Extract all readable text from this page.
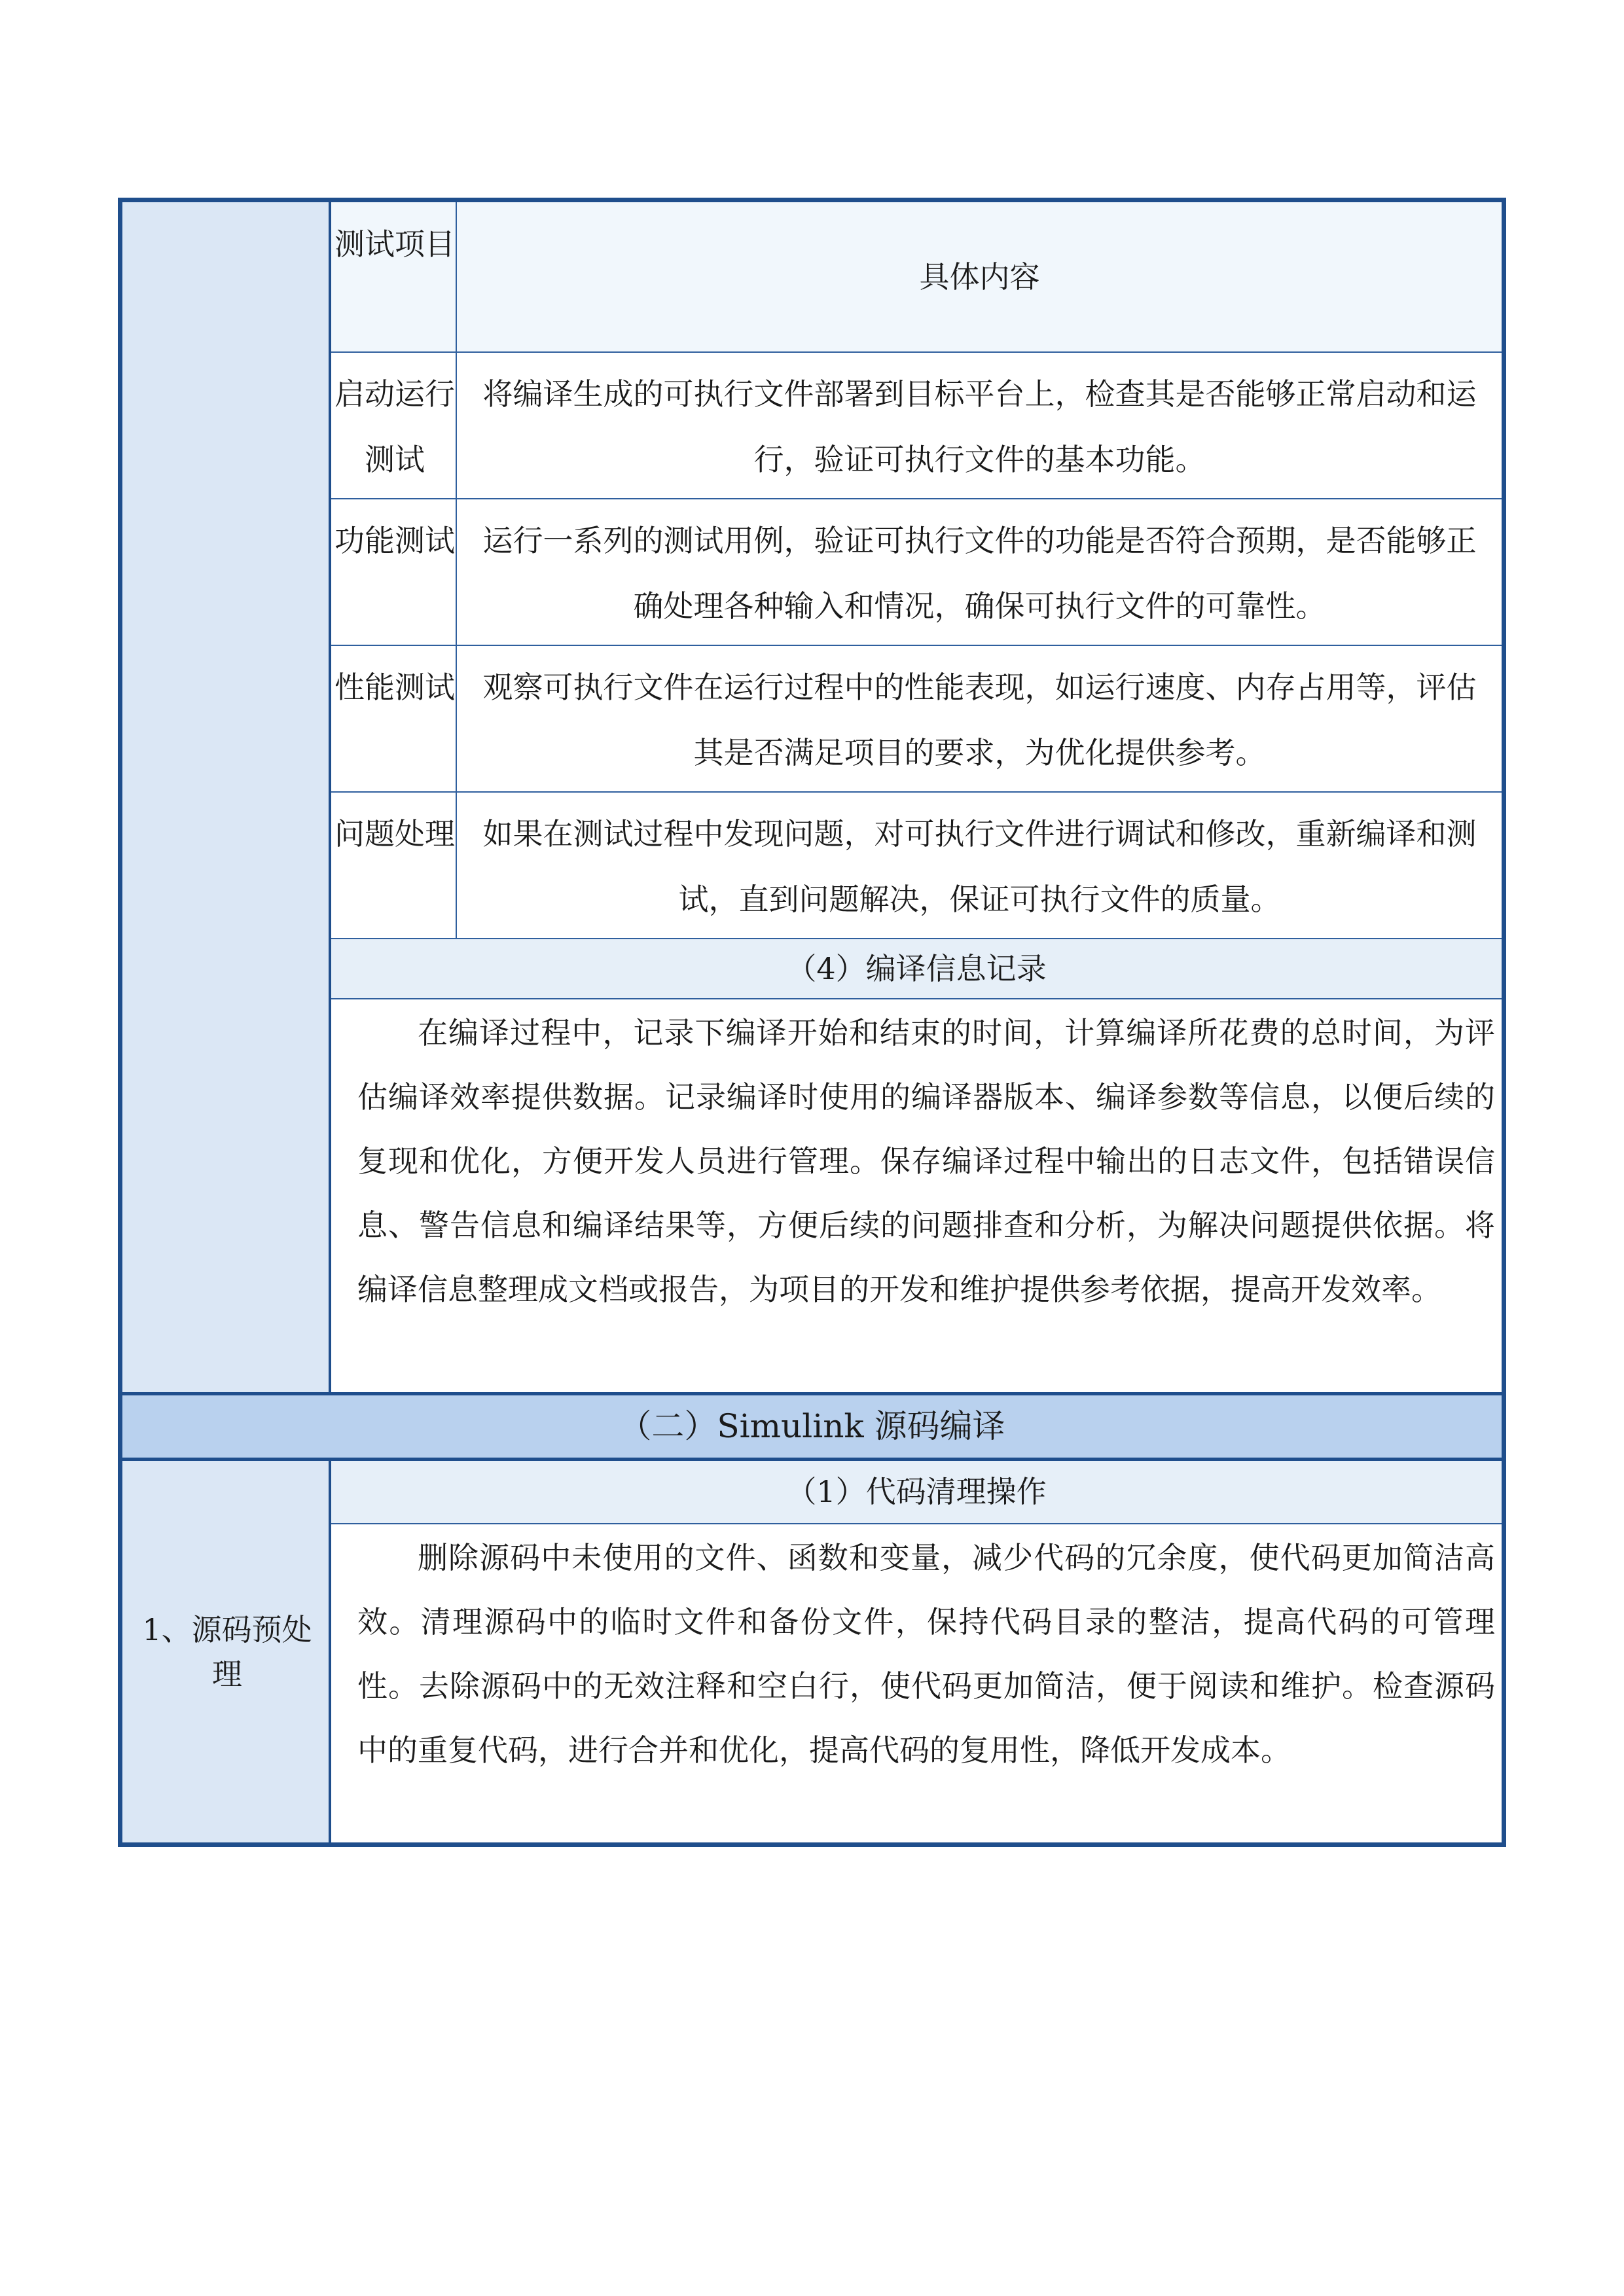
测试项目
具体内容
启动运行测试
将编译生成的可执行文件部署到目标平台上，检查其是否能够正常启动和运行，验证可执行文件的基本功能。
功能测试 运行一系列的测试用例，验证可执行文件的功能是否符合预期，是否能够正确处理各种输入和情况，确保可执行文件的可靠性。
性能测试 观察可执行文件在运行过程中的性能表现，如运行速度、内存占用等，评估其是否满足项目的要求，为优化提供参考。
问题处理 如果在测试过程中发现问题，对可执行文件进行调试和修改，重新编译和测试，直到问题解决，保证可执行文件的质量。
（4）编译信息记录
在编译过程中，记录下编译开始和结束的时间，计算编译所花费的总时间，为评估编译效率提供数据。记录编译时使用的编译器版本、编译参数等信息，以便后续的复现和优化，方便开发人员进行管理。保存编译过程中输出的日志文件，包括错误信息、警告信息和编译结果等，方便后续的问题排查和分析，为解决问题提供依据。将编译信息整理成文档或报告，为项目的开发和维护提供参考依据，提高开发效率。
（二）Simulink 源码编译
1、源码预处理
（1）代码清理操作
删除源码中未使用的文件、函数和变量，减少代码的冗余度，使代码更加简洁高效。清理源码中的临时文件和备份文件，保持代码目录的整洁，提高代码的可管理性。去除源码中的无效注释和空白行，使代码更加简洁，便于阅读和维护。检查源码中的重复代码，进行合并和优化，提高代码的复用性，降低开发成本。
